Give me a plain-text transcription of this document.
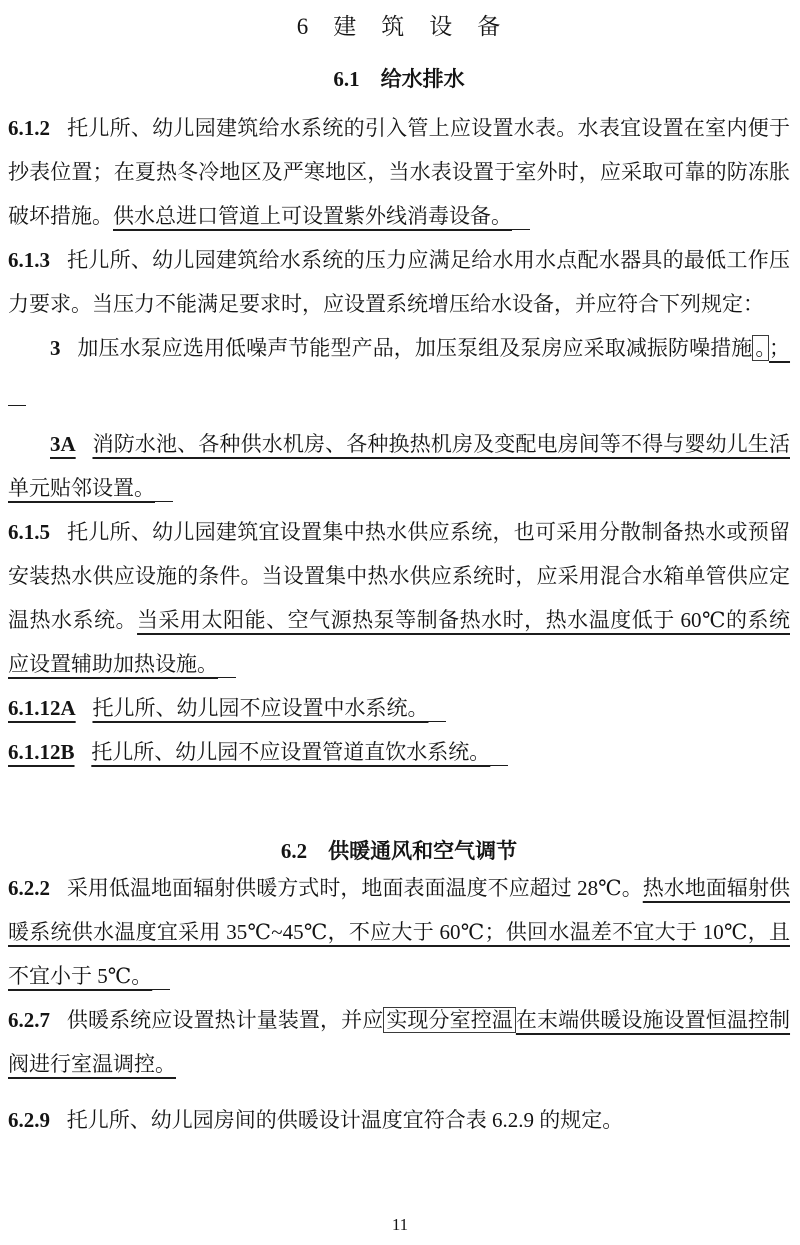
6　建　筑　设　备
6.1　给水排水

6.1.2 托儿所、幼儿园建筑给水系统的引入管上应设置水表。水表宜设置在室内便于抄表位置；在夏热冬冷地区及严寒地区，当水表设置于室外时，应采取可靠的防冻胀破坏措施。供水总进口管道上可设置紫外线消毒设备。

6.1.3 托儿所、幼儿园建筑给水系统的压力应满足给水用水点配水器具的最低工作压力要求。当压力不能满足要求时，应设置系统增压给水设备，并应符合下列规定：

3 加压水泵应选用低噪声节能型产品，加压泵组及泵房应采取减振防噪措施 。 ；

3A 消防水池、各种供水机房、各种换热机房及变配电房间等不得与婴幼儿生活单元贴邻设置。

6.1.5 托儿所、幼儿园建筑宜设置集中热水供应系统，也可采用分散制备热水或预留安装热水供应设施的条件。当设置集中热水供应系统时，应采用混合水箱单管供应定温热水系统。当采用太阳能、空气源热泵等制备热水时，热水温度低于 60℃的系统应设置辅助加热设施。

6.1.12A 托儿所、幼儿园不应设置中水系统。

6.1.12B 托儿所、幼儿园不应设置管道直饮水系统。

6.2　供暖通风和空气调节

6.2.2 采用低温地面辐射供暖方式时，地面表面温度不应超过 28℃。热水地面辐射供暖系统供水温度宜采用 35℃~45℃，不应大于 60℃；供回水温差不宜大于 10℃，且不宜小于 5℃。

6.2.7 供暖系统应设置热计量装置，并应 实现分室控温 在末端供暖设施设置恒温控制阀进行室温调控。

6.2.9 托儿所、幼儿园房间的供暖设计温度宜符合表 6.2.9 的规定。

11
